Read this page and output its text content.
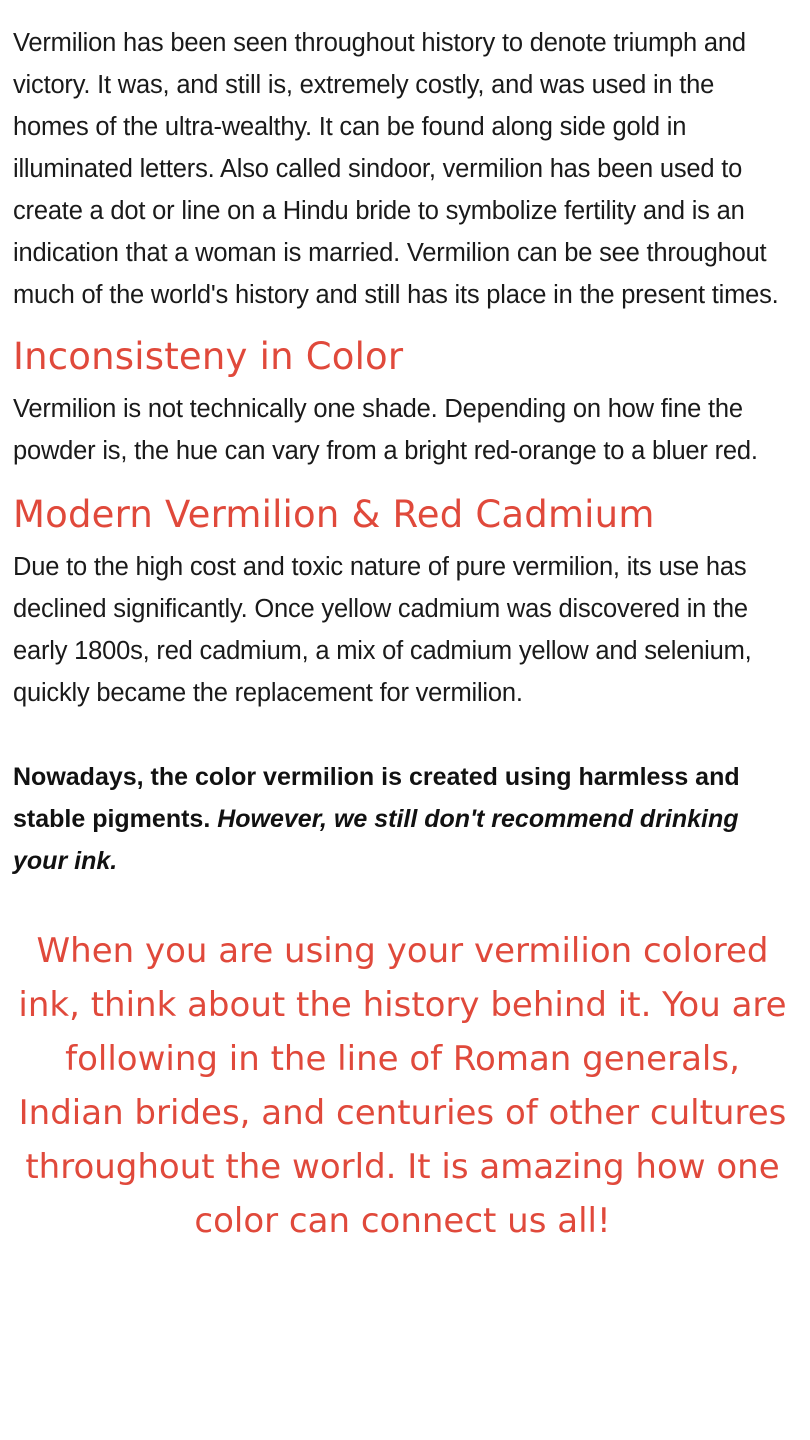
Vermilion has been seen throughout history to denote triumph and victory. It was, and still is, extremely costly, and was used in the homes of the ultra-wealthy. It can be found along side gold in illuminated letters. Also called sindoor, vermilion has been used to create a dot or line on a Hindu bride to symbolize fertility and is an indication that a woman is married. Vermilion can be see throughout much of the world's history and still has its place in the present times.

Inconsisteny in Color

Vermilion is not technically one shade. Depending on how fine the powder is, the hue can vary from a bright red-orange to a bluer red.

Modern Vermilion & Red Cadmium

Due to the high cost and toxic nature of pure vermilion, its use has declined significantly. Once yellow cadmium was discovered in the early 1800s, red cadmium, a mix of cadmium yellow and selenium, quickly became the replacement for vermilion.

Nowadays, the color vermilion is created using harmless and stable pigments. However, we still don't recommend drinking your ink.

When you are using your vermilion colored ink, think about the history behind it. You are following in the line of Roman generals, Indian brides, and centuries of other cultures throughout the world. It is amazing how one color can connect us all!
